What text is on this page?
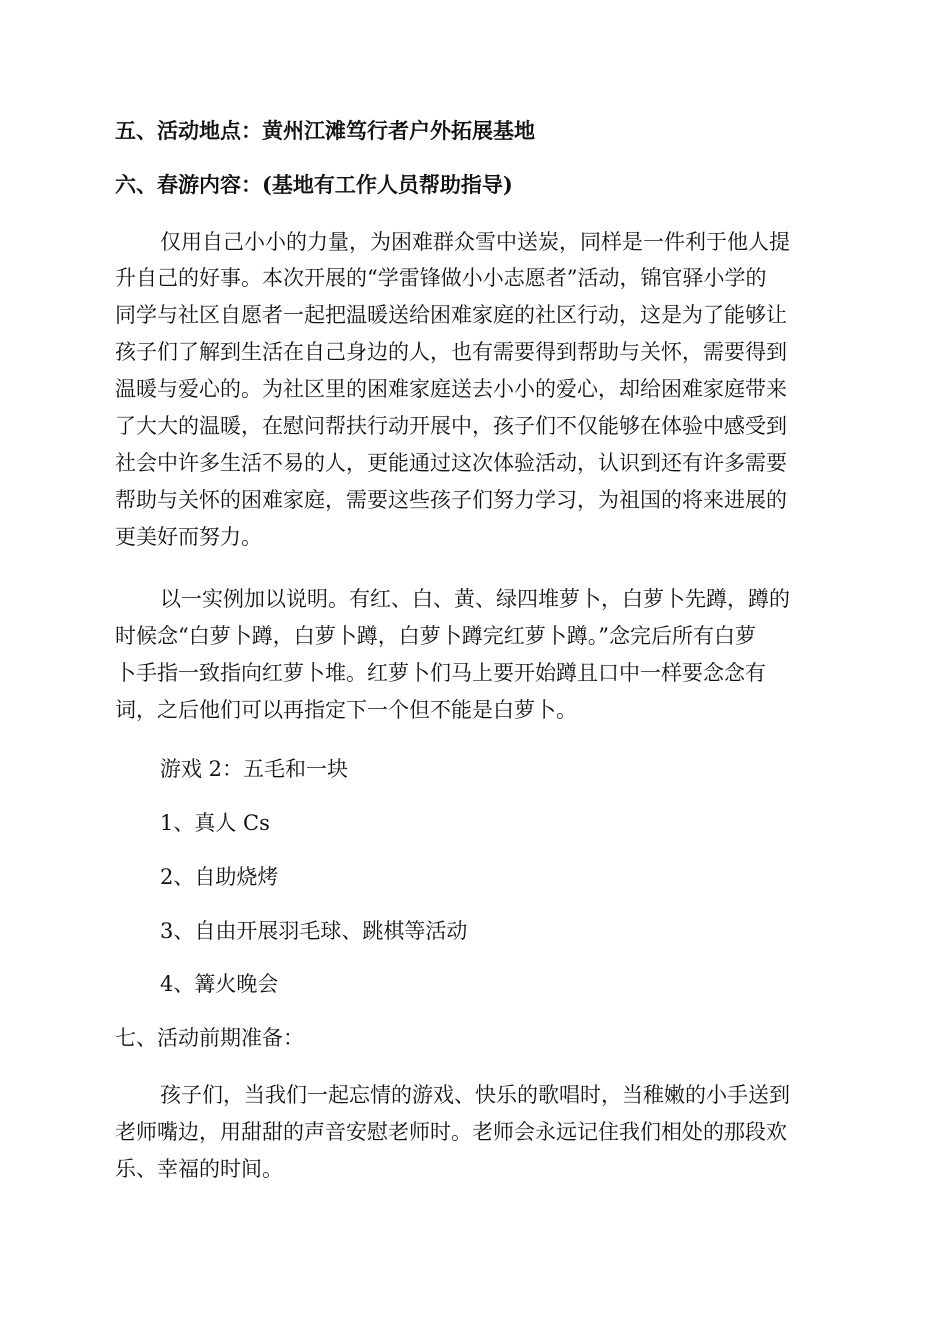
五、活动地点：黄州江滩笃行者户外拓展基地
六、春游内容：(基地有工作人员帮助指导)
仅用自己小小的力量，为困难群众雪中送炭，同样是一件利于他人提
升自己的好事。本次开展的“学雷锋做小小志愿者”活动，锦官驿小学的
同学与社区自愿者一起把温暖送给困难家庭的社区行动，这是为了能够让
孩子们了解到生活在自己身边的人，也有需要得到帮助与关怀，需要得到
温暖与爱心的。为社区里的困难家庭送去小小的爱心，却给困难家庭带来
了大大的温暖，在慰问帮扶行动开展中，孩子们不仅能够在体验中感受到
社会中许多生活不易的人，更能通过这次体验活动，认识到还有许多需要
帮助与关怀的困难家庭，需要这些孩子们努力学习，为祖国的将来进展的
更美好而努力。
以一实例加以说明。有红、白、黄、绿四堆萝卜，白萝卜先蹲，蹲的
时候念“白萝卜蹲，白萝卜蹲，白萝卜蹲完红萝卜蹲。”念完后所有白萝
卜手指一致指向红萝卜堆。红萝卜们马上要开始蹲且口中一样要念念有
词，之后他们可以再指定下一个但不能是白萝卜。
游戏 2：五毛和一块
1、真人 Cs
2、自助烧烤
3、自由开展羽毛球、跳棋等活动
4、篝火晚会
七、活动前期准备：
孩子们，当我们一起忘情的游戏、快乐的歌唱时，当稚嫩的小手送到
老师嘴边，用甜甜的声音安慰老师时。老师会永远记住我们相处的那段欢
乐、幸福的时间。
